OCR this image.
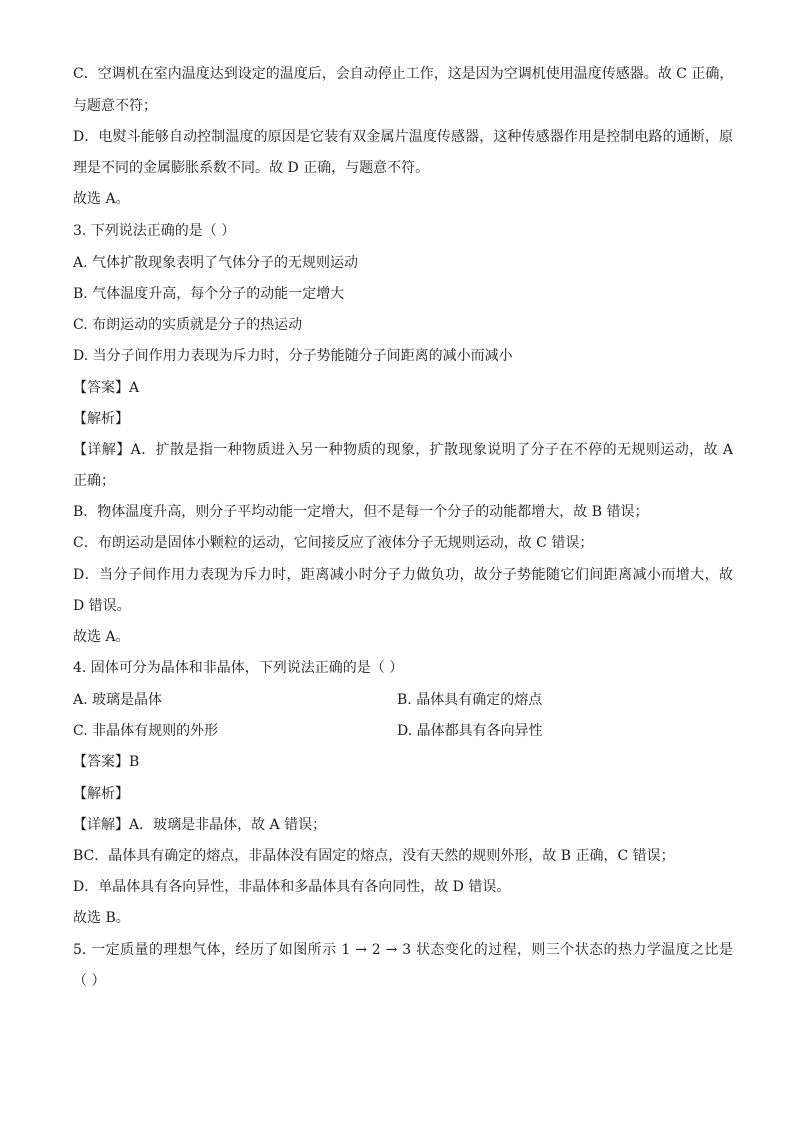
C．空调机在室内温度达到设定的温度后，会自动停止工作，这是因为空调机使用温度传感器。故 C 正确，
与题意不符；
D．电熨斗能够自动控制温度的原因是它装有双金属片温度传感器，这种传感器作用是控制电路的通断，原
理是不同的金属膨胀系数不同。故 D 正确，与题意不符。
故选 A。
3. 下列说法正确的是（ ）
A. 气体扩散现象表明了气体分子的无规则运动
B. 气体温度升高，每个分子的动能一定增大
C. 布朗运动的实质就是分子的热运动
D. 当分子间作用力表现为斥力时，分子势能随分子间距离的减小而减小
【答案】A
【解析】
【详解】A．扩散是指一种物质进入另一种物质的现象，扩散现象说明了分子在不停的无规则运动，故 A
正确；
B．物体温度升高，则分子平均动能一定增大，但不是每一个分子的动能都增大，故 B 错误；
C．布朗运动是固体小颗粒的运动，它间接反应了液体分子无规则运动，故 C 错误；
D．当分子间作用力表现为斥力时，距离减小时分子力做负功，故分子势能随它们间距离减小而增大，故
D 错误。
故选 A。
4. 固体可分为晶体和非晶体，下列说法正确的是（ ）
A. 玻璃是晶体	B. 晶体具有确定的熔点
C. 非晶体有规则的外形	D. 晶体都具有各向异性
【答案】B
【解析】
【详解】A．玻璃是非晶体，故 A 错误；
BC．晶体具有确定的熔点，非晶体没有固定的熔点，没有天然的规则外形，故 B 正确，C 错误；
D．单晶体具有各向异性，非晶体和多晶体具有各向同性，故 D 错误。
故选 B。
5. 一定质量的理想气体，经历了如图所示 1 → 2 → 3 状态变化的过程，则三个状态的热力学温度之比是
（ ）
